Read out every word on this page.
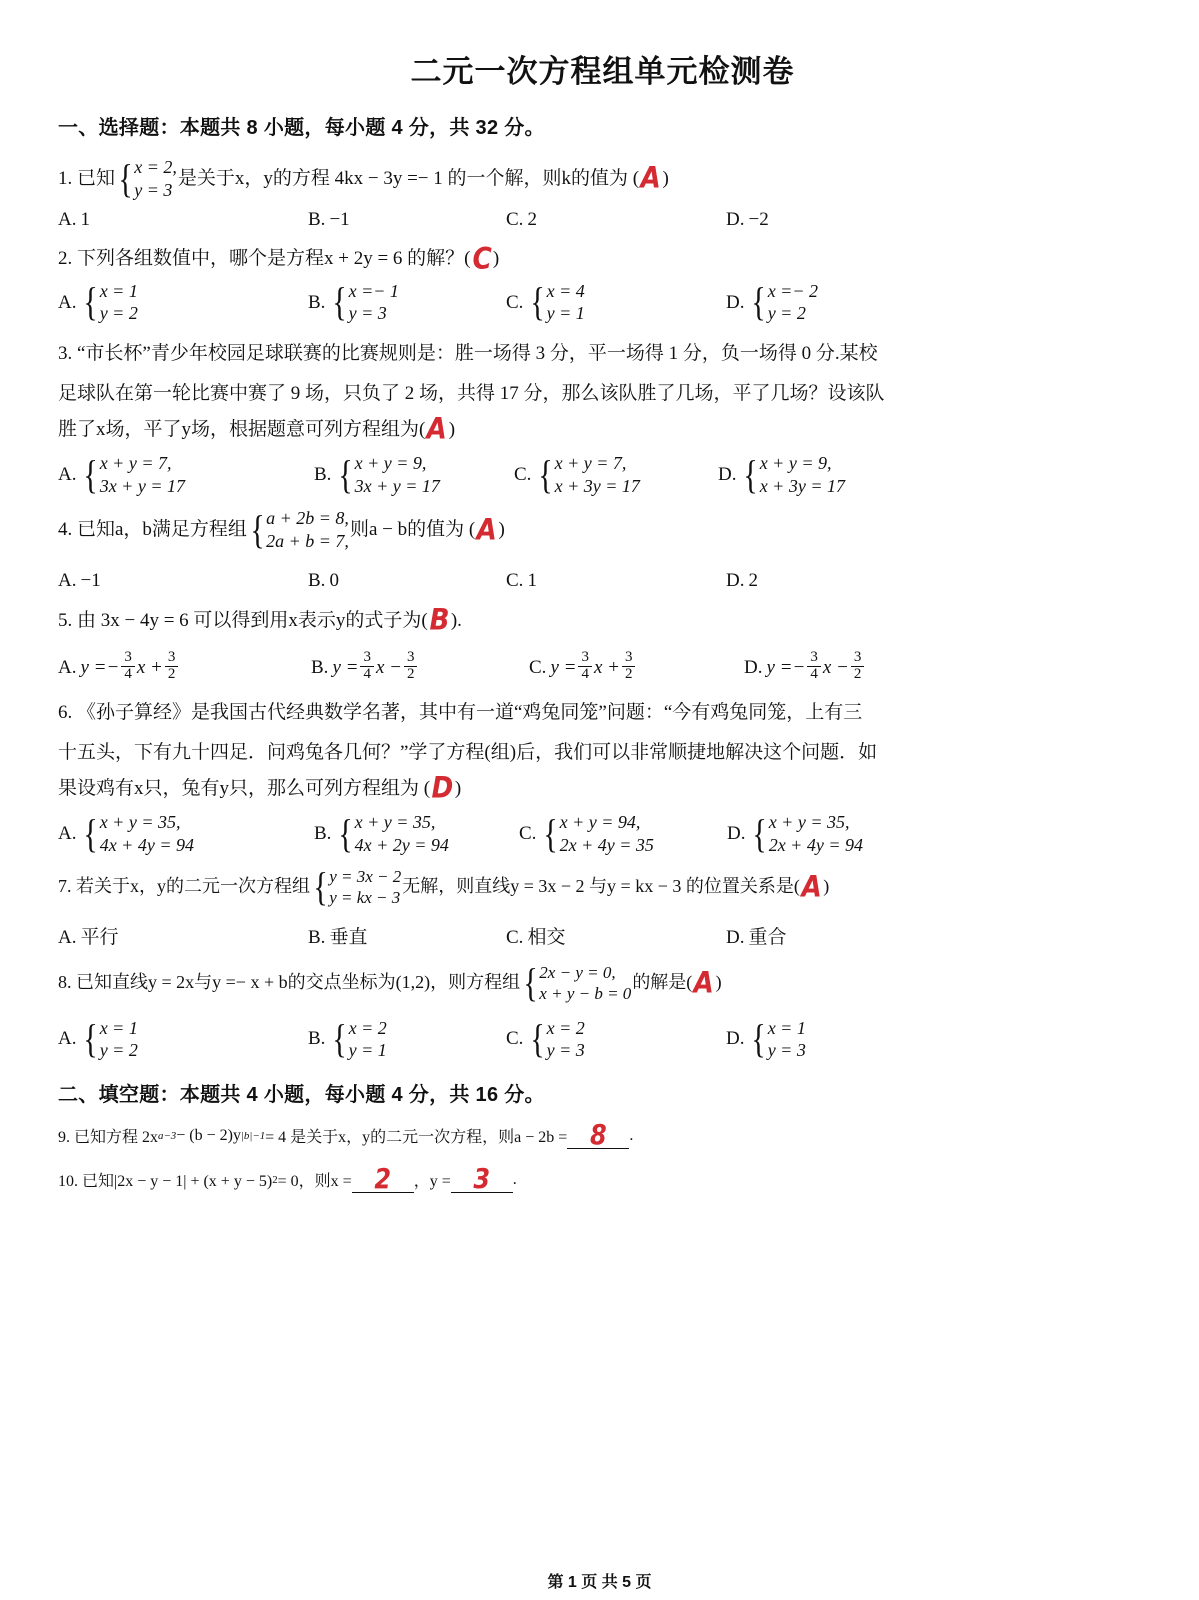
二元一次方程组单元检测卷
一、选择题：本题共 8 小题，每小题 4 分，共 32 分。
1. 已知 { x = 2,
y = 3
是关于x，y的方程 4kx − 3y =− 1 的一个解，则k的值为 ( A )
A. 1	B. −1	C. 2	D. −2
2. 下列各组数值中，哪个是方程x + 2y = 6 的解？( C )
A. { x = 1
y = 2
B. { x =− 1
y = 3
C. { x = 4
y = 1
D. { x =− 2
y = 2
3. “市长杯”青少年校园足球联赛的比赛规则是：胜一场得 3 分，平一场得 1 分，负一场得 0 分.某校
足球队在第一轮比赛中赛了 9 场，只负了 2 场，共得 17 分，那么该队胜了几场，平了几场？设该队
胜了x场，平了y场，根据题意可列方程组为( A )
A. { x + y = 7,
3x + y = 17
B. { x + y = 9,
3x + y = 17
C. { x + y = 7,
x + 3y = 17
D. { x + y = 9,
x + 3y = 17
4. 已知a，b满足方程组 { a + 2b = 8,
2a + b = 7,
则a − b的值为 ( A )
A. −1	B. 0	C. 1	D. 2
5. 由 3x − 4y = 6 可以得到用x表示y的式子为( B ).
A. $y =- \frac{3}{4}$ $x + \frac{3}{2}$	B. $y = \frac{3}{4}$ $x - \frac{3}{2}$	C. $y = \frac{3}{4}$ $x + \frac{3}{2}$	D. $y =- \frac{3}{4}$ $x - \frac{3}{2}$
6. 《孙子算经》是我国古代经典数学名著，其中有一道“鸡兔同笼”问题：“今有鸡兔同笼，上有三
十五头，下有九十四足．问鸡兔各几何？”学了方程(组)后，我们可以非常顺捷地解决这个问题．如
果设鸡有x只，兔有y只，那么可列方程组为 ( D )
A. { x + y = 35,
4x + 4y = 94
B. { x + y = 35,
4x + 2y = 94
C. { x + y = 94,
2x + 4y = 35
D. { x + y = 35,
2x + 4y = 94
7. 若关于x，y的二元一次方程组 { y = 3x − 2
y = kx − 3
无解，则直线y = 3x − 2 与y = kx − 3 的位置关系是( A )
A. 平行	B. 垂直	C. 相交	D. 重合
8. 已知直线y = 2x与y =− x + b的交点坐标为(1,2)，则方程组 { 2x − y = 0,
x + y − b = 0
的解是( A )
A. { x = 1
y = 2
B. { x = 2
y = 1
C. { x = 2
y = 3
D. { x = 1
y = 3
二、填空题：本题共 4 小题，每小题 4 分，共 16 分。
9. 已知方程 2x a−3 − (b − 2)y |b|−1 = 4 是关于x，y的二元一次方程，则a − 2b = 8	.
10. 已知|2x − y − 1| + (x + y − 5) 2 = 0，则x = 2	，y = 3	.
第 1 页 共 5 页
